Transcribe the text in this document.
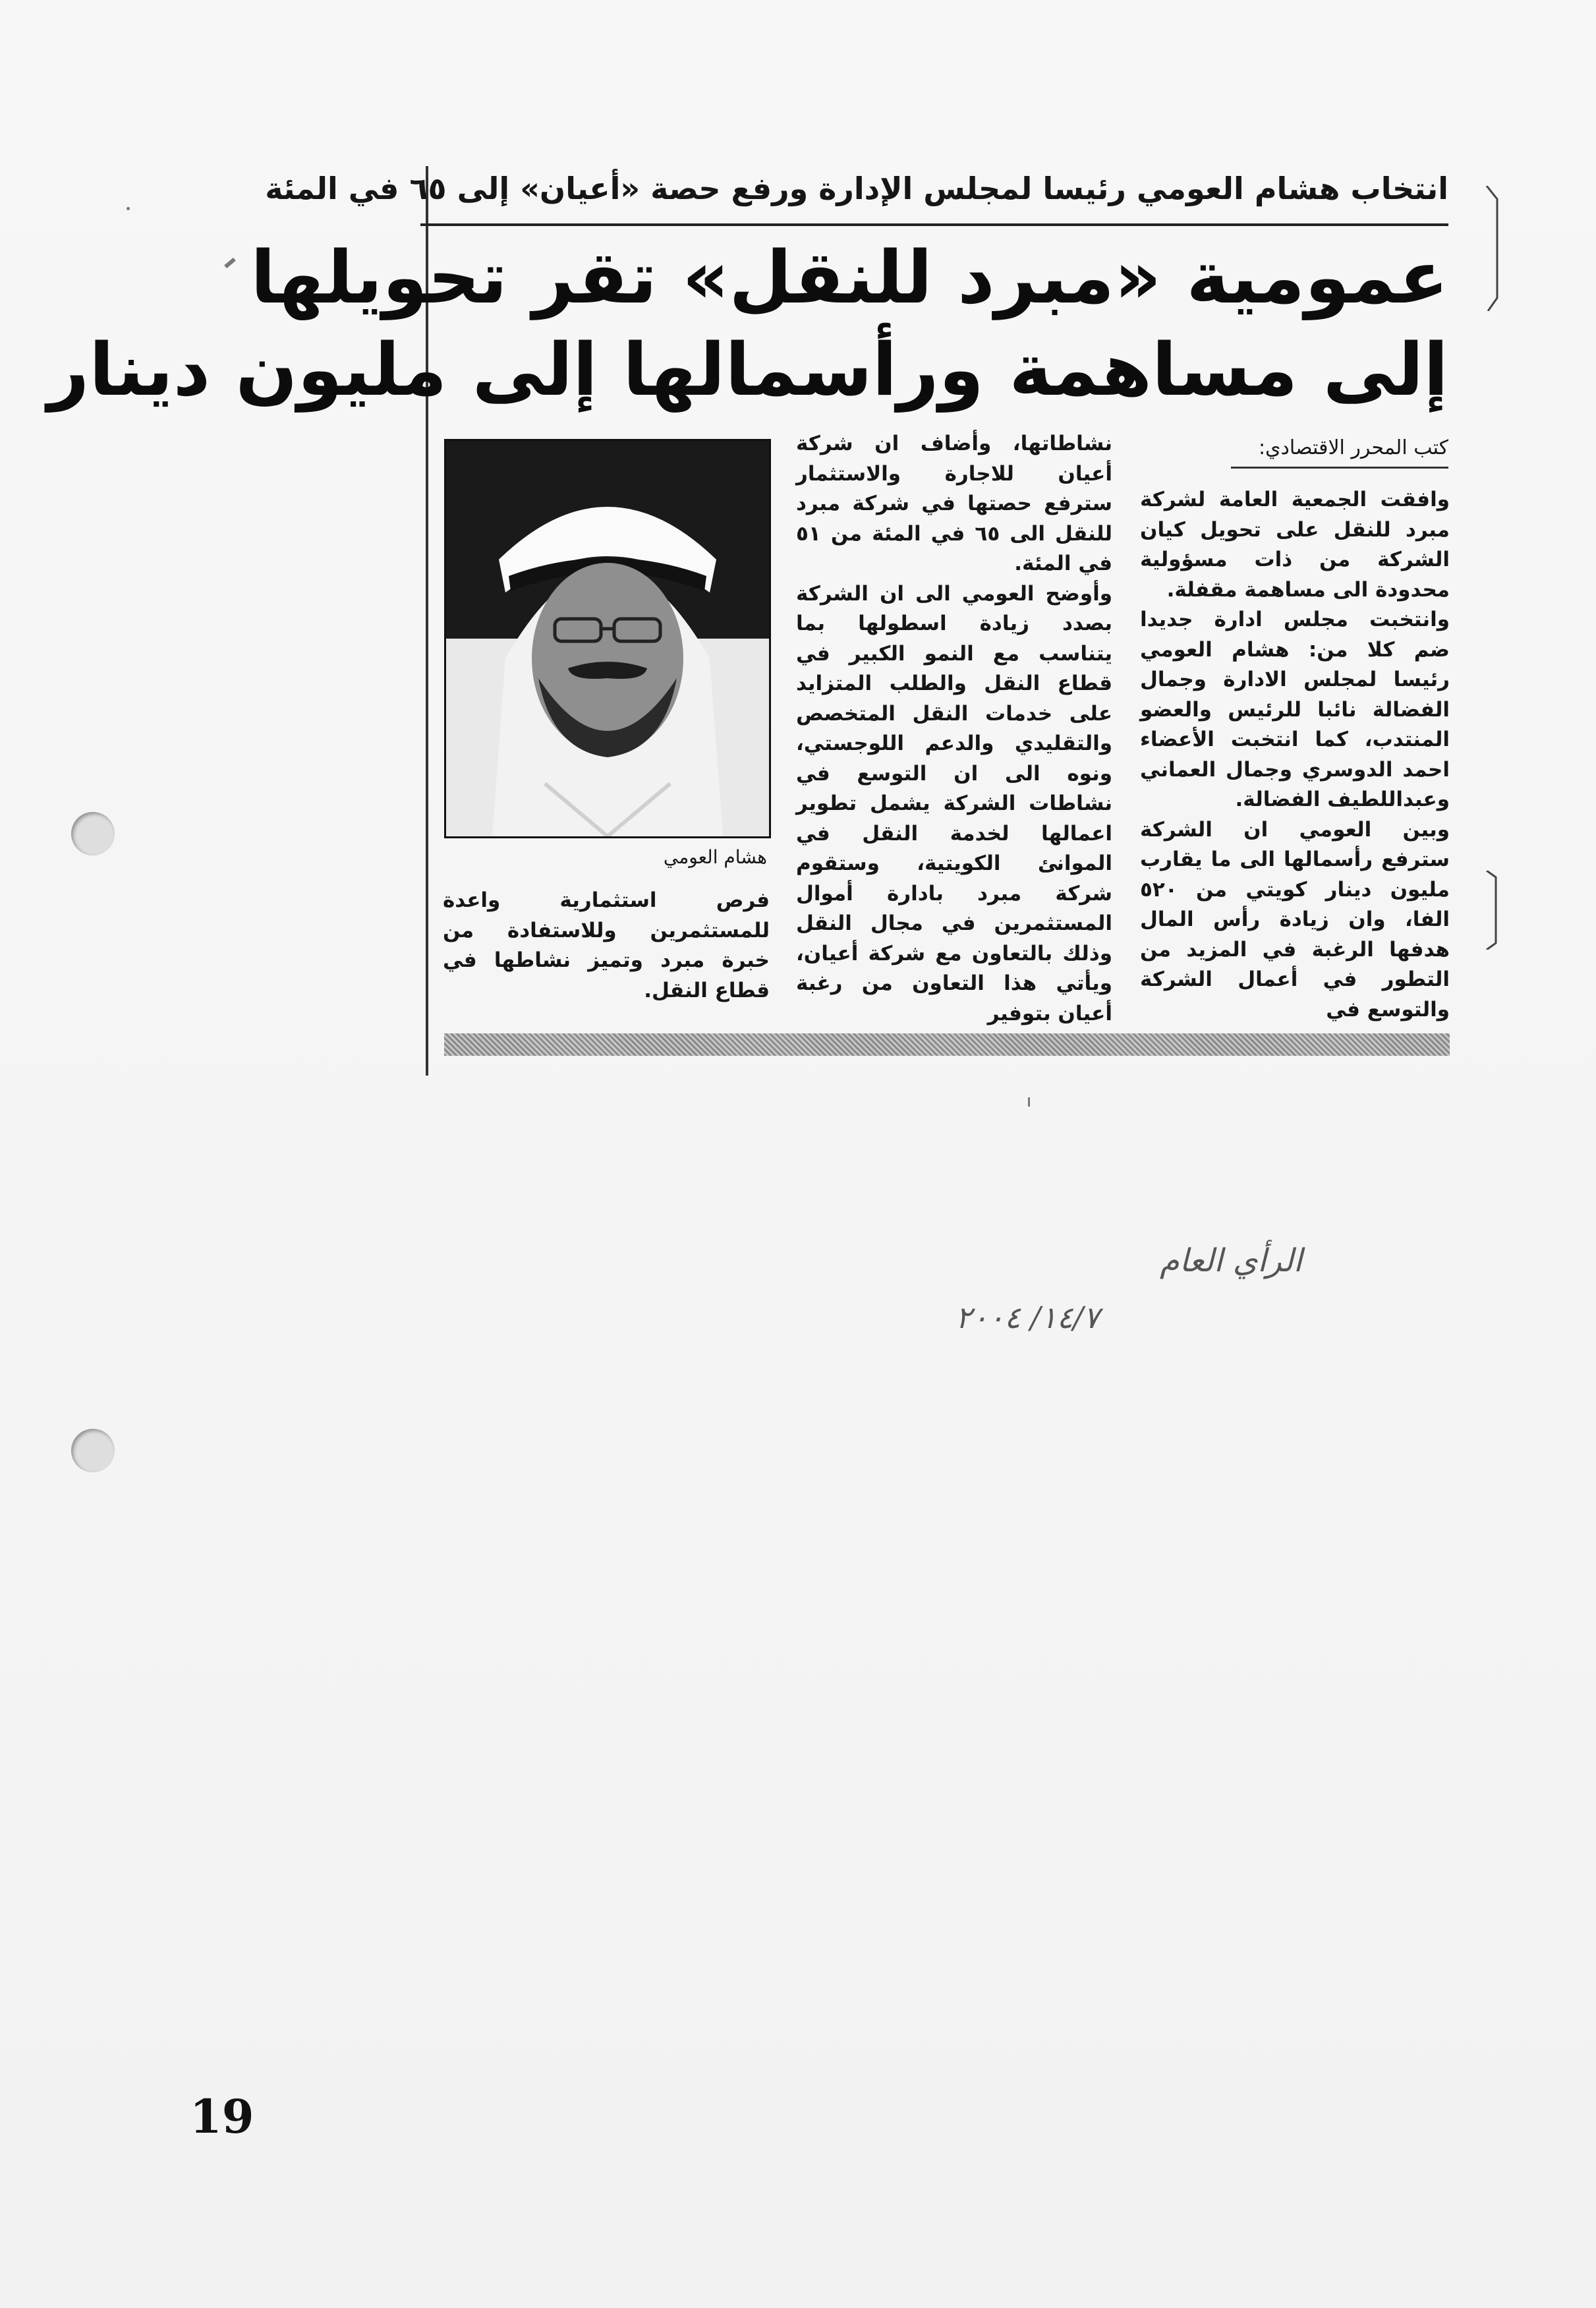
انتخاب هشام العومي رئيسا لمجلس الإدارة ورفع حصة «أعيان» إلى ٦٥ في المئة
عمومية «مبرد للنقل» تقر تحويلها
إلى مساهمة ورأسمالها إلى مليون دينار
كتب المحرر الاقتصادي:

وافقت الجمعية العامة لشركة مبرد للنقل على تحويل كيان الشركة من ذات مسؤولية محدودة الى مساهمة مقفلة.

وانتخبت مجلس ادارة جديدا ضم كلا من: هشام العومي رئيسا لمجلس الادارة وجمال الفضالة نائبا للرئيس والعضو المنتدب، كما انتخبت الأعضاء احمد الدوسري وجمال العماني وعبداللطيف الفضالة.

وبين العومي ان الشركة سترفع رأسمالها الى ما يقارب مليون دينار كويتي من ٥٢٠ الفا، وان زيادة رأس المال هدفها الرغبة في المزيد من التطور في أعمال الشركة والتوسع في

نشاطاتها، وأضاف ان شركة أعيان للاجارة والاستثمار سترفع حصتها في شركة مبرد للنقل الى ٦٥ في المئة من ٥١ في المئة.

وأوضح العومي الى ان الشركة بصدد زيادة اسطولها بما يتناسب مع النمو الكبير في قطاع النقل والطلب المتزايد على خدمات النقل المتخصص والتقليدي والدعم اللوجستي، ونوه الى ان التوسع في نشاطات الشركة يشمل تطوير اعمالها لخدمة النقل في الموانئ الكويتية، وستقوم شركة مبرد بادارة أموال المستثمرين في مجال النقل وذلك بالتعاون مع شركة أعيان، ويأتي هذا التعاون من رغبة أعيان بتوفير

هشام العومي

فرص استثمارية واعدة للمستثمرين وللاستفادة من خبرة مبرد وتميز نشاطها في قطاع النقل.

الرأي العام
١٤/٧/ ٢٠٠٤
19
